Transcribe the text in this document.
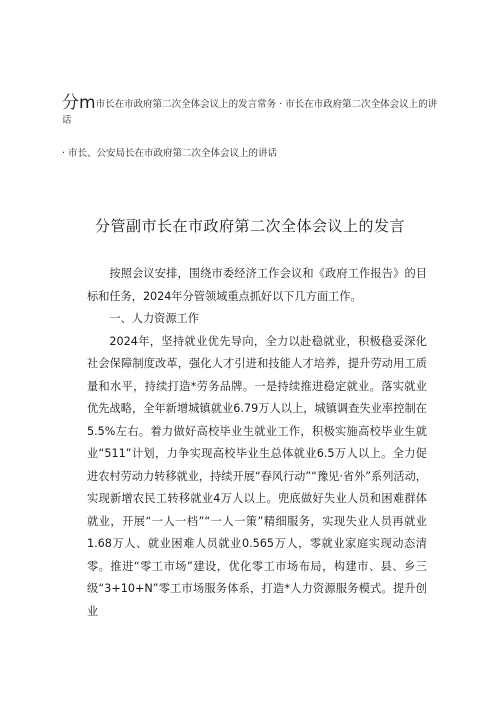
分m市长在市政府第二次全体会议上的发言常务 · 市长在市政府第二次全体会议上的讲话
· 市长、公安局长在市政府第二次全体会议上的讲话
分管副市长在市政府第二次全体会议上的发言

按照会议安排，围绕市委经济工作会议和《政府工作报告》的目标和任务，2024年分管领域重点抓好以下几方面工作。

一、人力资源工作

2024年，坚持就业优先导向，全力以赴稳就业，积极稳妥深化社会保障制度改革，强化人才引进和技能人才培养，提升劳动用工质量和水平，持续打造*劳务品牌。一是持续推进稳定就业。落实就业优先战略，全年新增城镇就业6.79万人以上，城镇调查失业率控制在5.5%左右。着力做好高校毕业生就业工作，积极实施高校毕业生就业“511”计划，力争实现高校毕业生总体就业6.5万人以上。全力促进农村劳动力转移就业，持续开展“春风行动”“豫见·省外”系列活动，实现新增农民工转移就业4万人以上。兜底做好失业人员和困难群体就业，开展“一人一档”“一人一策”精细服务，实现失业人员再就业1.68万人、就业困难人员就业0.565万人，零就业家庭实现动态清零。推进“零工市场”建设，优化零工市场布局，构建市、县、乡三级“3+10+N”零工市场服务体系，打造*人力资源服务模式。提升创业
